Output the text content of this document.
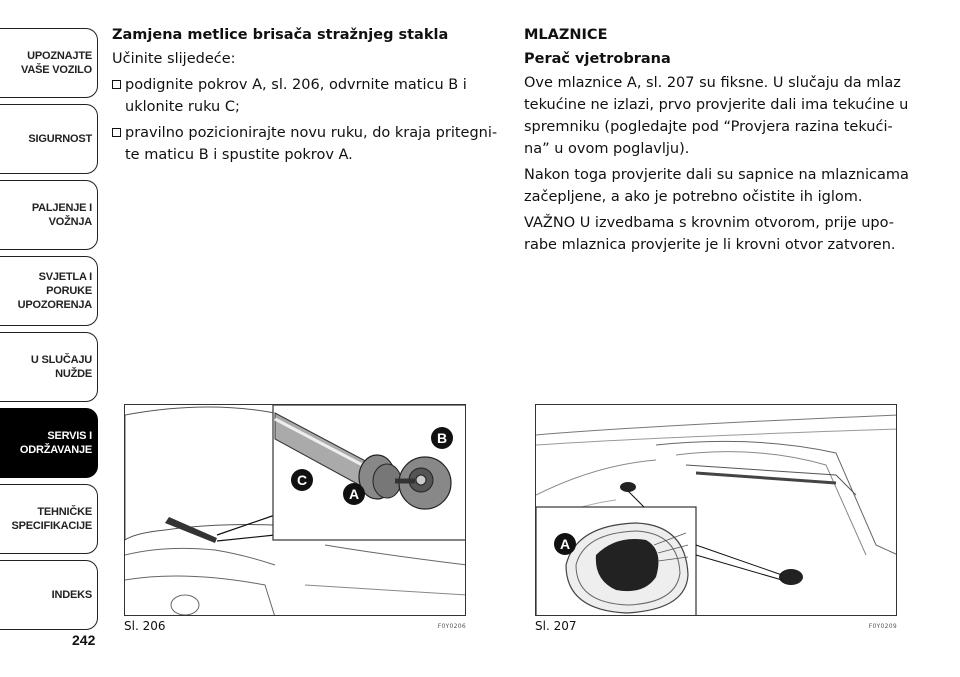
UPOZNAJTE
VAŠE VOZILO
SIGURNOST
PALJENJE I
VOŽNJA
SVJETLA I PORUKE
UPOZORENJA
U SLUČAJU
NUŽDE
SERVIS I
ODRŽAVANJE
TEHNIČKE
SPECIFIKACIJE
INDEKS
242
Zamjena metlice brisača stražnjeg stakla
Učinite slijedeće:
podignite pokrov A, sl. 206, odvrnite maticu B i uklonite ruku C;
pravilno pozicionirajte novu ruku, do kraja pritegni- te maticu B i spustite pokrov A.
MLAZNICE
Perač vjetrobrana
Ove mlaznice A, sl. 207 su fiksne. U slučaju da mlaz tekućine ne izlazi, prvo provjerite dali ima tekućine u spremniku (pogledajte pod “Provjera razina tekući- na” u ovom poglavlju).
Nakon toga provjerite dali su sapnice na mlaznicama začepljene, a ako je potrebno očistite ih iglom.
VAŽNO U izvedbama s krovnim otvorom, prije upo- rabe mlaznica provjerite je li krovni otvor zatvoren.
B
C
A
Sl. 206	F0Y0206
A
Sl. 207	F0Y0209
